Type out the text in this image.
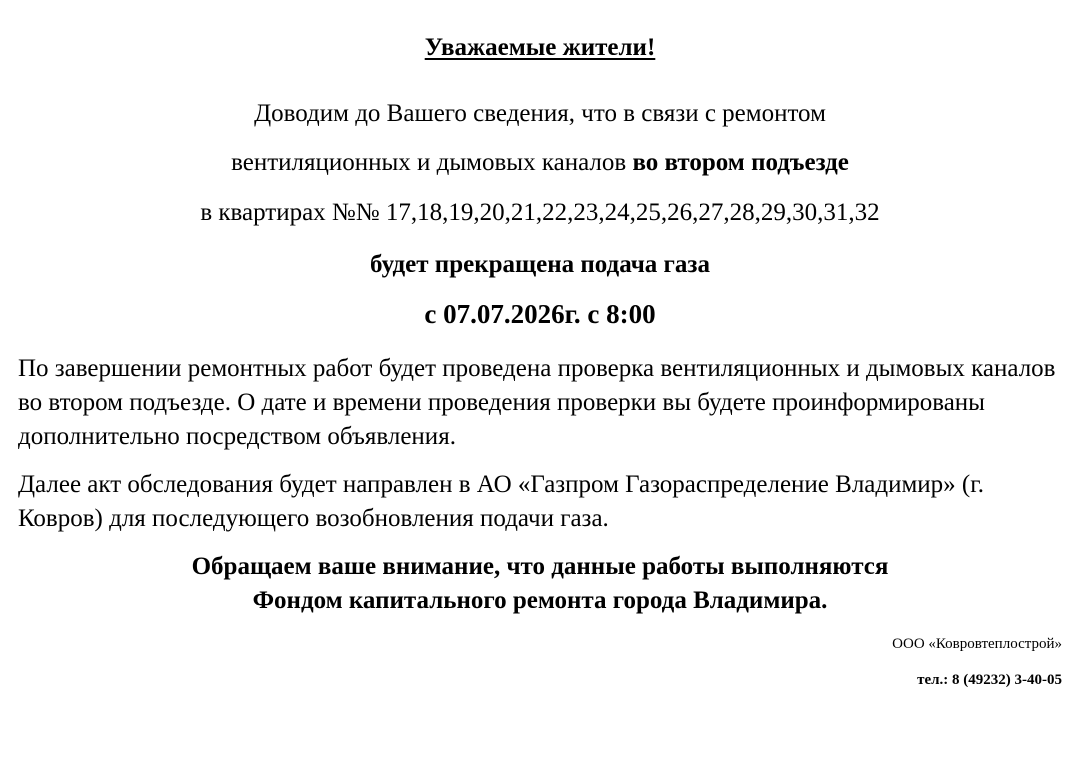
Уважаемые жители!

Доводим до Вашего сведения, что в связи с ремонтом

вентиляционных и дымовых каналов во втором подъезде

в квартирах №№ 17,18,19,20,21,22,23,24,25,26,27,28,29,30,31,32

будет прекращена подача газа

с 07.07.2026г. с 8:00

По завершении ремонтных работ будет проведена проверка вентиляционных и дымовых каналов во втором подъезде. О дате и времени проведения проверки вы будете проинформированы дополнительно посредством объявления.

Далее акт обследования будет направлен в АО «Газпром Газораспределение Владимир» (г. Ковров) для последующего возобновления подачи газа.

Обращаем ваше внимание, что данные работы выполняются
Фондом капитального ремонта города Владимира.

ООО «Ковровтеплострой»

тел.: 8 (49232) 3-40-05
